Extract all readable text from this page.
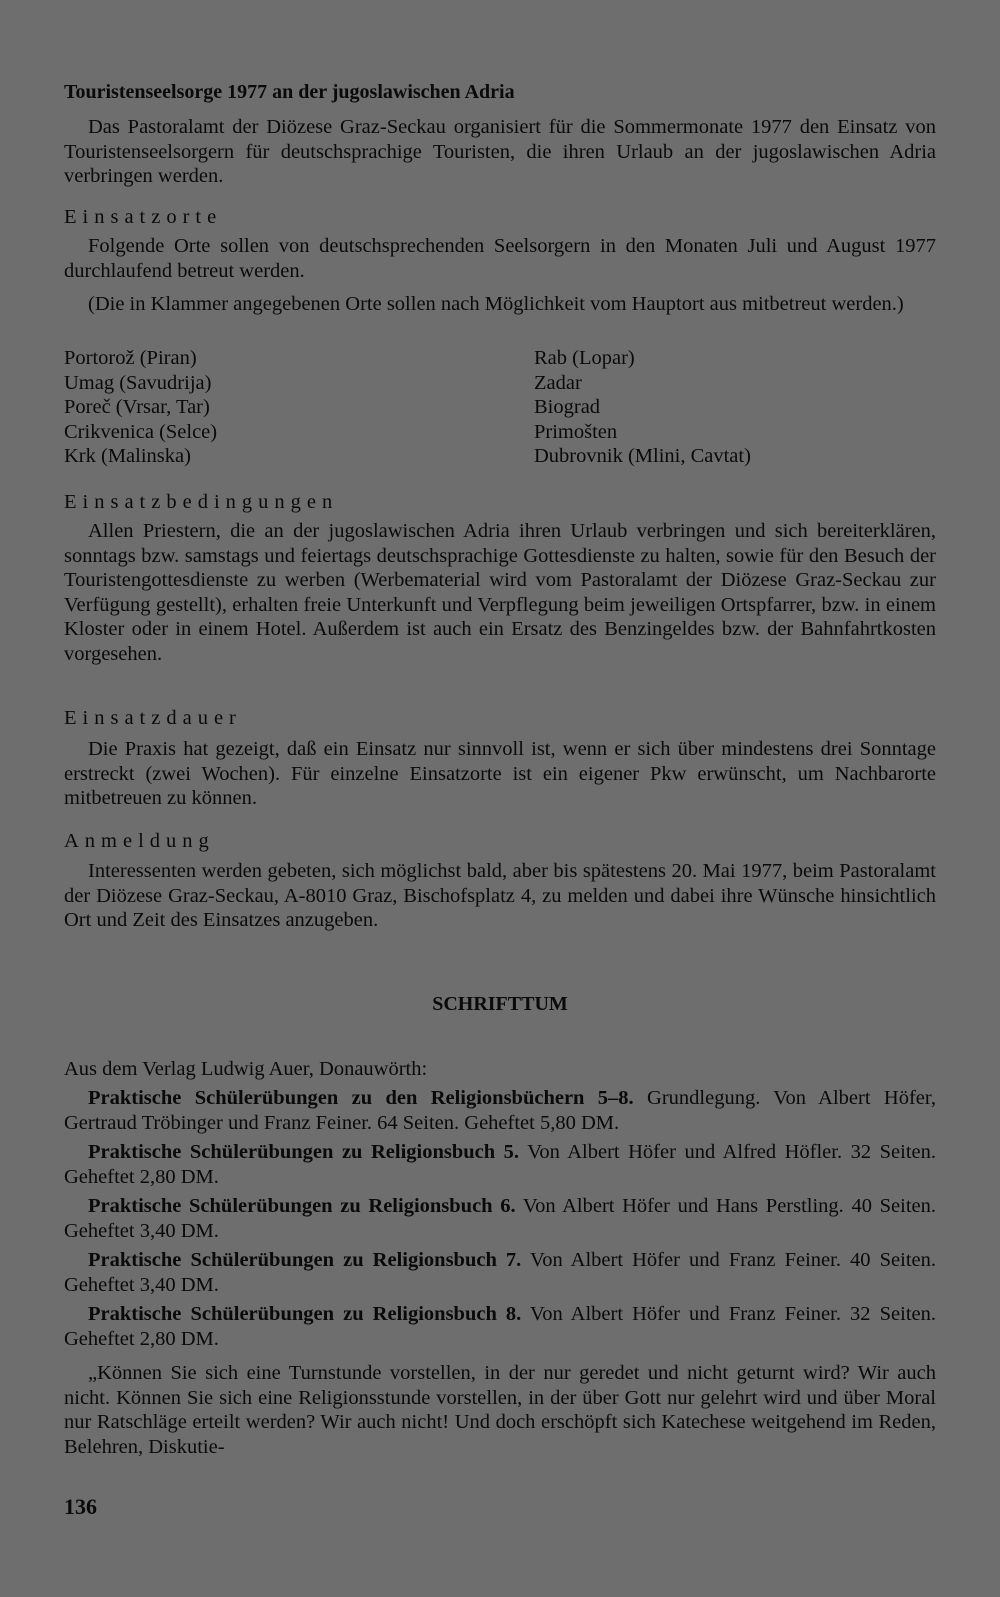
Touristenseelsorge 1977 an der jugoslawischen Adria
Das Pastoralamt der Diözese Graz-Seckau organisiert für die Sommermonate 1977 den Einsatz von Touristenseelsorgern für deutschsprachige Touristen, die ihren Urlaub an der jugoslawischen Adria verbringen werden.
Einsatzorte
Folgende Orte sollen von deutschsprechenden Seelsorgern in den Monaten Juli und August 1977 durchlaufend betreut werden.
(Die in Klammer angegebenen Orte sollen nach Möglichkeit vom Hauptort aus mitbetreut werden.)
Portorož (Piran)
Umag (Savudrija)
Poreč (Vrsar, Tar)
Crikvenica (Selce)
Krk (Malinska)
Rab (Lopar)
Zadar
Biograd
Primošten
Dubrovnik (Mlini, Cavtat)
Einsatzbedingungen
Allen Priestern, die an der jugoslawischen Adria ihren Urlaub verbringen und sich bereiterklären, sonntags bzw. samstags und feiertags deutschsprachige Gottesdienste zu halten, sowie für den Besuch der Touristengottesdienste zu werben (Werbematerial wird vom Pastoralamt der Diözese Graz-Seckau zur Verfügung gestellt), erhalten freie Unterkunft und Verpflegung beim jeweiligen Ortspfarrer, bzw. in einem Kloster oder in einem Hotel. Außerdem ist auch ein Ersatz des Benzingeldes bzw. der Bahnfahrtkosten vorgesehen.
Einsatzdauer
Die Praxis hat gezeigt, daß ein Einsatz nur sinnvoll ist, wenn er sich über mindestens drei Sonntage erstreckt (zwei Wochen). Für einzelne Einsatzorte ist ein eigener Pkw erwünscht, um Nachbarorte mitbetreuen zu können.
Anmeldung
Interessenten werden gebeten, sich möglichst bald, aber bis spätestens 20. Mai 1977, beim Pastoralamt der Diözese Graz-Seckau, A-8010 Graz, Bischofsplatz 4, zu melden und dabei ihre Wünsche hinsichtlich Ort und Zeit des Einsatzes anzugeben.
SCHRIFTTUM
Aus dem Verlag Ludwig Auer, Donauwörth:
Praktische Schülerübungen zu den Religionsbüchern 5–8. Grundlegung. Von Albert Höfer, Gertraud Tröbinger und Franz Feiner. 64 Seiten. Geheftet 5,80 DM.
Praktische Schülerübungen zu Religionsbuch 5. Von Albert Höfer und Alfred Höfler. 32 Seiten. Geheftet 2,80 DM.
Praktische Schülerübungen zu Religionsbuch 6. Von Albert Höfer und Hans Perstling. 40 Seiten. Geheftet 3,40 DM.
Praktische Schülerübungen zu Religionsbuch 7. Von Albert Höfer und Franz Feiner. 40 Seiten. Geheftet 3,40 DM.
Praktische Schülerübungen zu Religionsbuch 8. Von Albert Höfer und Franz Feiner. 32 Seiten. Geheftet 2,80 DM.
„Können Sie sich eine Turnstunde vorstellen, in der nur geredet und nicht geturnt wird? Wir auch nicht. Können Sie sich eine Religionsstunde vorstellen, in der über Gott nur gelehrt wird und über Moral nur Ratschläge erteilt werden? Wir auch nicht! Und doch erschöpft sich Katechese weitgehend im Reden, Belehren, Diskutie-
136
